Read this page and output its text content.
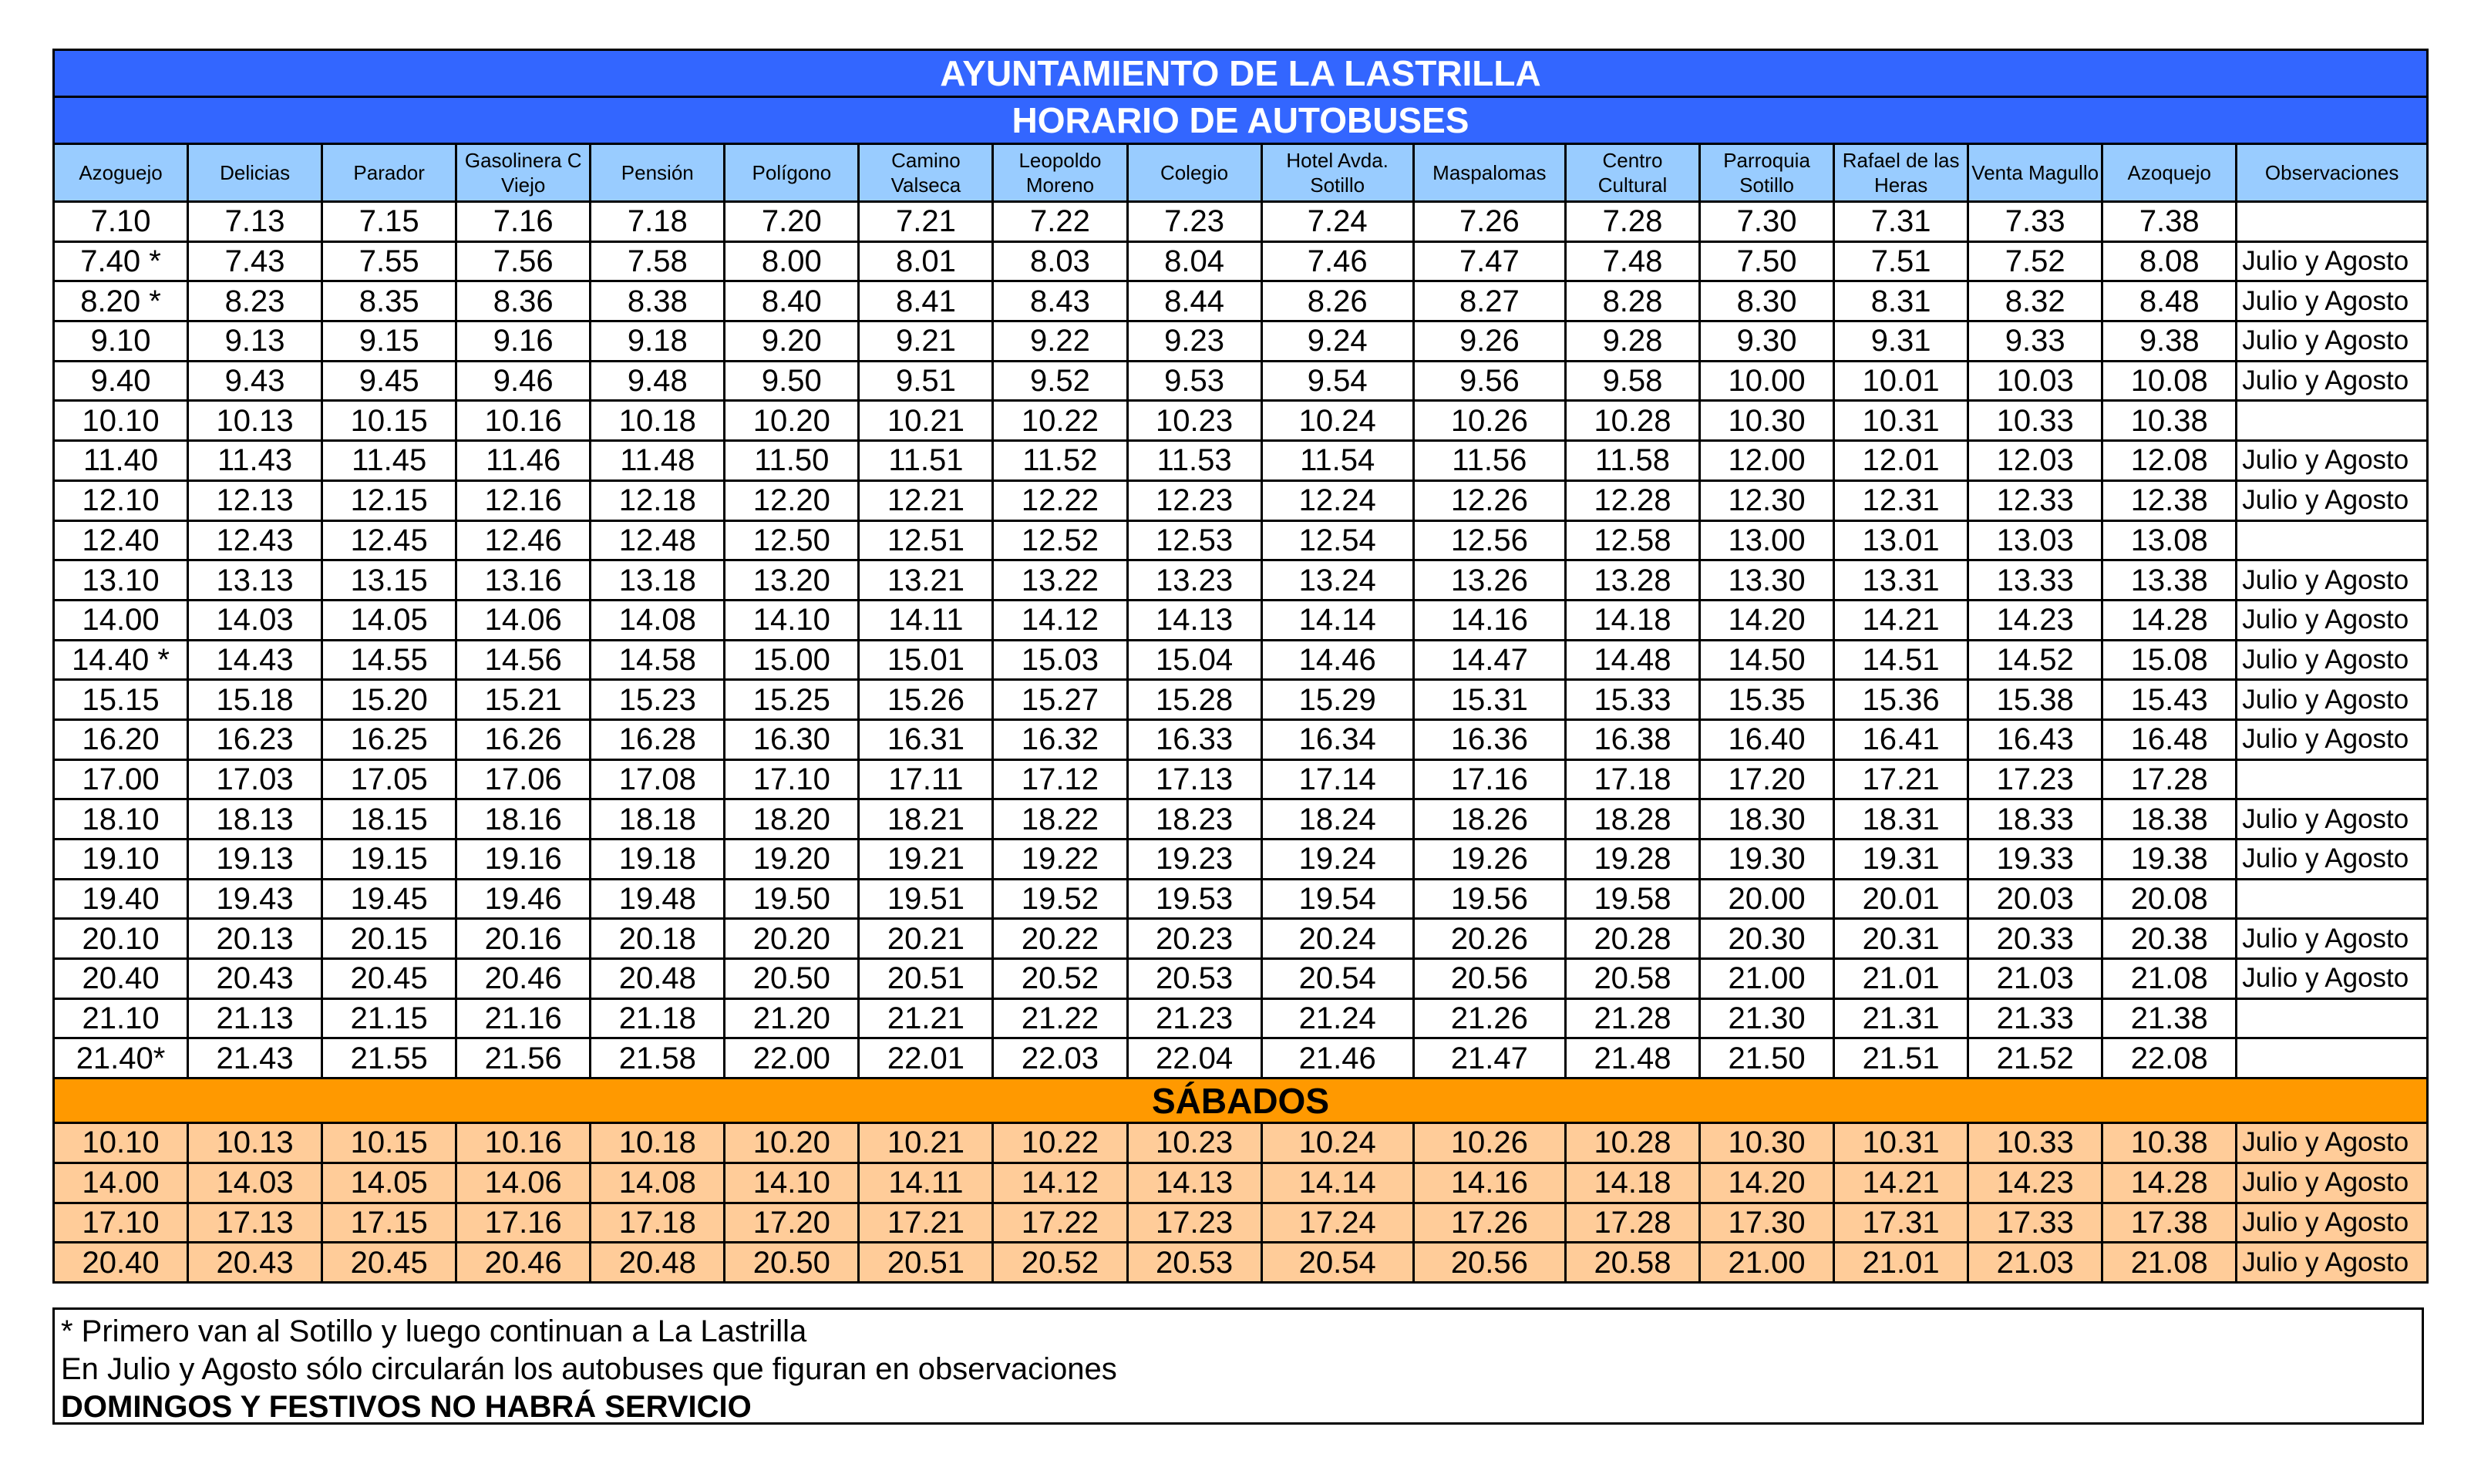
AYUNTAMIENTO DE LA LASTRILLA																
HORARIO DE AUTOBUSES																
Azoguejo	Delicias	Parador	Gasolinera C Viejo	Pensión	Polígono	Camino Valseca	Leopoldo Moreno	Colegio	Hotel Avda. Sotillo	Maspalomas	Centro Cultural	Parroquia Sotillo	Rafael de las Heras	Venta Magullo	Azoquejo	Observaciones
7.10	7.13	7.15	7.16	7.18	7.20	7.21	7.22	7.23	7.24	7.26	7.28	7.30	7.31	7.33	7.38	
7.40 *	7.43	7.55	7.56	7.58	8.00	8.01	8.03	8.04	7.46	7.47	7.48	7.50	7.51	7.52	8.08	Julio y Agosto
8.20 *	8.23	8.35	8.36	8.38	8.40	8.41	8.43	8.44	8.26	8.27	8.28	8.30	8.31	8.32	8.48	Julio y Agosto
9.10	9.13	9.15	9.16	9.18	9.20	9.21	9.22	9.23	9.24	9.26	9.28	9.30	9.31	9.33	9.38	Julio y Agosto
9.40	9.43	9.45	9.46	9.48	9.50	9.51	9.52	9.53	9.54	9.56	9.58	10.00	10.01	10.03	10.08	Julio y Agosto
10.10	10.13	10.15	10.16	10.18	10.20	10.21	10.22	10.23	10.24	10.26	10.28	10.30	10.31	10.33	10.38	
11.40	11.43	11.45	11.46	11.48	11.50	11.51	11.52	11.53	11.54	11.56	11.58	12.00	12.01	12.03	12.08	Julio y Agosto
12.10	12.13	12.15	12.16	12.18	12.20	12.21	12.22	12.23	12.24	12.26	12.28	12.30	12.31	12.33	12.38	Julio y Agosto
12.40	12.43	12.45	12.46	12.48	12.50	12.51	12.52	12.53	12.54	12.56	12.58	13.00	13.01	13.03	13.08	
13.10	13.13	13.15	13.16	13.18	13.20	13.21	13.22	13.23	13.24	13.26	13.28	13.30	13.31	13.33	13.38	Julio y Agosto
14.00	14.03	14.05	14.06	14.08	14.10	14.11	14.12	14.13	14.14	14.16	14.18	14.20	14.21	14.23	14.28	Julio y Agosto
14.40 *	14.43	14.55	14.56	14.58	15.00	15.01	15.03	15.04	14.46	14.47	14.48	14.50	14.51	14.52	15.08	Julio y Agosto
15.15	15.18	15.20	15.21	15.23	15.25	15.26	15.27	15.28	15.29	15.31	15.33	15.35	15.36	15.38	15.43	Julio y Agosto
16.20	16.23	16.25	16.26	16.28	16.30	16.31	16.32	16.33	16.34	16.36	16.38	16.40	16.41	16.43	16.48	Julio y Agosto
17.00	17.03	17.05	17.06	17.08	17.10	17.11	17.12	17.13	17.14	17.16	17.18	17.20	17.21	17.23	17.28	
18.10	18.13	18.15	18.16	18.18	18.20	18.21	18.22	18.23	18.24	18.26	18.28	18.30	18.31	18.33	18.38	Julio y Agosto
19.10	19.13	19.15	19.16	19.18	19.20	19.21	19.22	19.23	19.24	19.26	19.28	19.30	19.31	19.33	19.38	Julio y Agosto
19.40	19.43	19.45	19.46	19.48	19.50	19.51	19.52	19.53	19.54	19.56	19.58	20.00	20.01	20.03	20.08	
20.10	20.13	20.15	20.16	20.18	20.20	20.21	20.22	20.23	20.24	20.26	20.28	20.30	20.31	20.33	20.38	Julio y Agosto
20.40	20.43	20.45	20.46	20.48	20.50	20.51	20.52	20.53	20.54	20.56	20.58	21.00	21.01	21.03	21.08	Julio y Agosto
21.10	21.13	21.15	21.16	21.18	21.20	21.21	21.22	21.23	21.24	21.26	21.28	21.30	21.31	21.33	21.38	
21.40*	21.43	21.55	21.56	21.58	22.00	22.01	22.03	22.04	21.46	21.47	21.48	21.50	21.51	21.52	22.08	
SÁBADOS																
10.10	10.13	10.15	10.16	10.18	10.20	10.21	10.22	10.23	10.24	10.26	10.28	10.30	10.31	10.33	10.38	Julio y Agosto
14.00	14.03	14.05	14.06	14.08	14.10	14.11	14.12	14.13	14.14	14.16	14.18	14.20	14.21	14.23	14.28	Julio y Agosto
17.10	17.13	17.15	17.16	17.18	17.20	17.21	17.22	17.23	17.24	17.26	17.28	17.30	17.31	17.33	17.38	Julio y Agosto
20.40	20.43	20.45	20.46	20.48	20.50	20.51	20.52	20.53	20.54	20.56	20.58	21.00	21.01	21.03	21.08	Julio y Agosto
* Primero van al Sotillo y luego continuan a La Lastrilla
En Julio y Agosto sólo circularán los autobuses que figuran en observaciones
DOMINGOS Y FESTIVOS NO HABRÁ SERVICIO
